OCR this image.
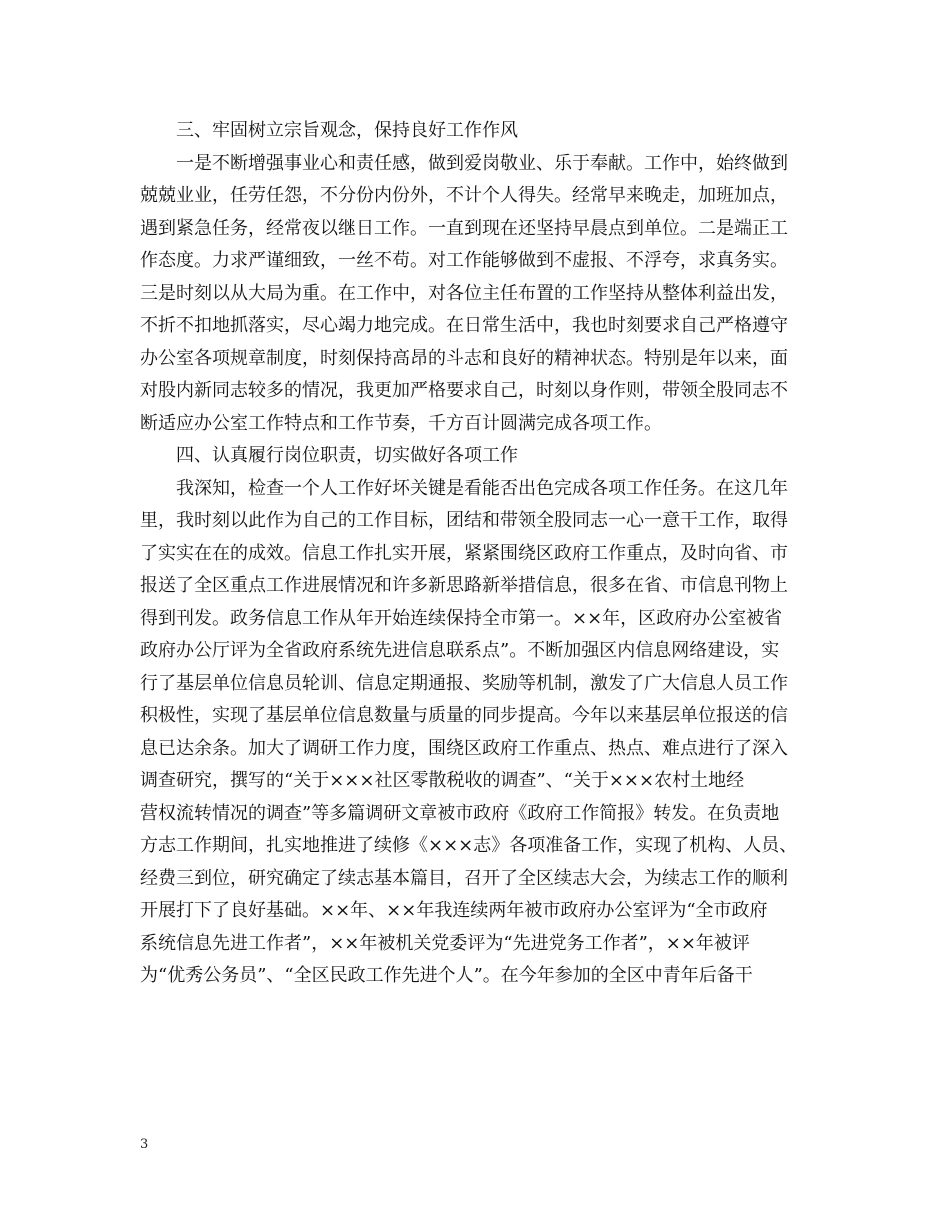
三、牢固树立宗旨观念，保持良好工作作风
一是不断增强事业心和责任感，做到爱岗敬业、乐于奉献。工作中，始终做到
兢兢业业，任劳任怨，不分份内份外，不计个人得失。经常早来晚走，加班加点，
遇到紧急任务，经常夜以继日工作。一直到现在还坚持早晨点到单位。二是端正工
作态度。力求严谨细致，一丝不苟。对工作能够做到不虚报、不浮夸，求真务实。
三是时刻以从大局为重。在工作中，对各位主任布置的工作坚持从整体利益出发，
不折不扣地抓落实，尽心竭力地完成。在日常生活中，我也时刻要求自己严格遵守
办公室各项规章制度，时刻保持高昂的斗志和良好的精神状态。特别是年以来，面
对股内新同志较多的情况，我更加严格要求自己，时刻以身作则，带领全股同志不
断适应办公室工作特点和工作节奏，千方百计圆满完成各项工作。
四、认真履行岗位职责，切实做好各项工作
我深知，检查一个人工作好坏关键是看能否出色完成各项工作任务。在这几年
里，我时刻以此作为自己的工作目标，团结和带领全股同志一心一意干工作，取得
了实实在在的成效。信息工作扎实开展，紧紧围绕区政府工作重点，及时向省、市
报送了全区重点工作进展情况和许多新思路新举措信息，很多在省、市信息刊物上
得到刊发。政务信息工作从年开始连续保持全市第一。××年，区政府办公室被省
政府办公厅评为全省政府系统先进信息联系点”。不断加强区内信息网络建设，实
行了基层单位信息员轮训、信息定期通报、奖励等机制，激发了广大信息人员工作
积极性，实现了基层单位信息数量与质量的同步提高。今年以来基层单位报送的信
息已达余条。加大了调研工作力度，围绕区政府工作重点、热点、难点进行了深入
调查研究，撰写的“关于×××社区零散税收的调查”、“关于×××农村土地经
营权流转情况的调查”等多篇调研文章被市政府《政府工作简报》转发。在负责地
方志工作期间，扎实地推进了续修《×××志》各项准备工作，实现了机构、人员、
经费三到位，研究确定了续志基本篇目，召开了全区续志大会，为续志工作的顺利
开展打下了良好基础。××年、××年我连续两年被市政府办公室评为“全市政府
系统信息先进工作者”，××年被机关党委评为“先进党务工作者”，××年被评
为“优秀公务员”、“全区民政工作先进个人”。在今年参加的全区中青年后备干
3
